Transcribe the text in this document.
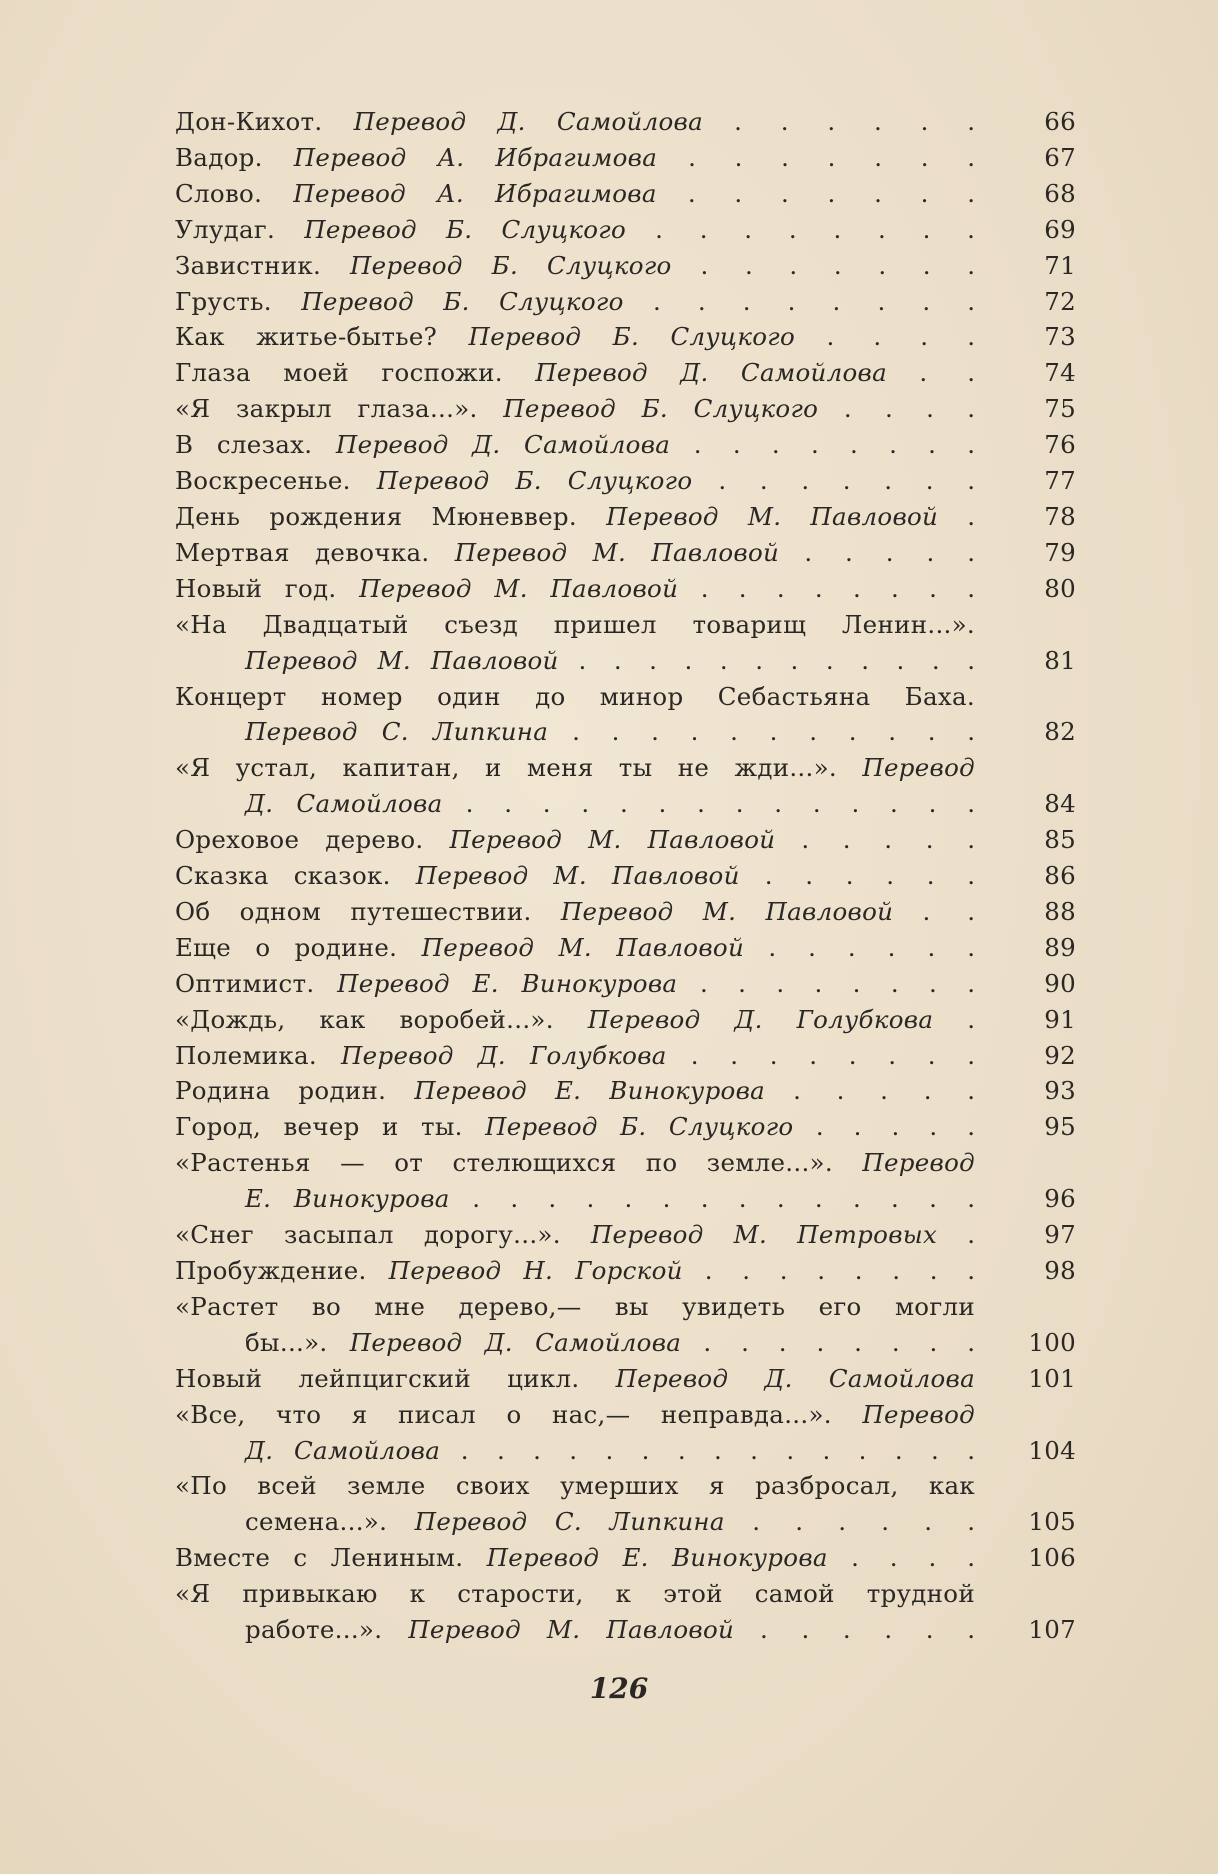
Дон-Кихот. Перевод Д. Самойлова . . . . . .	66
Вадор. Перевод А. Ибрагимова . . . . . . .	67
Слово. Перевод А. Ибрагимова . . . . . . .	68
Улудаг. Перевод Б. Слуцкого . . . . . . . .	69
Завистник. Перевод Б. Слуцкого . . . . . . .	71
Грусть. Перевод Б. Слуцкого . . . . . . . .	72
Как житье-бытье? Перевод Б. Слуцкого . . . .	73
Глаза моей госпожи. Перевод Д. Самойлова . .	74
«Я закрыл глаза...». Перевод Б. Слуцкого . . . .	75
В слезах. Перевод Д. Самойлова . . . . . . . .	76
Воскресенье. Перевод Б. Слуцкого . . . . . . .	77
День рождения Мюневвер. Перевод М. Павловой .	78
Мертвая девочка. Перевод М. Павловой . . . . .	79
Новый год. Перевод М. Павловой . . . . . . . .	80
«На Двадцатый съезд пришел товарищ Ленин...».
Перевод М. Павловой . . . . . . . . . . . .	81
Концерт номер один до минор Себастьяна Баха.
Перевод С. Липкина . . . . . . . . . . .	82
«Я устал, капитан, и меня ты не жди...». Перевод
Д. Самойлова . . . . . . . . . . . . . .	84
Ореховое дерево. Перевод М. Павловой . . . . .	85
Сказка сказок. Перевод М. Павловой . . . . . .	86
Об одном путешествии. Перевод М. Павловой . .	88
Еще о родине. Перевод М. Павловой . . . . . .	89
Оптимист. Перевод Е. Винокурова . . . . . . . .	90
«Дождь, как воробей...». Перевод Д. Голубкова .	91
Полемика. Перевод Д. Голубкова . . . . . . . .	92
Родина родин. Перевод Е. Винокурова . . . . .	93
Город, вечер и ты. Перевод Б. Слуцкого . . . . .	95
«Растенья — от стелющихся по земле...». Перевод
Е. Винокурова . . . . . . . . . . . . . .	96
«Снег засыпал дорогу...». Перевод М. Петровых .	97
Пробуждение. Перевод Н. Горской . . . . . . . .	98
«Растет во мне дерево,— вы увидеть его могли
бы...». Перевод Д. Самойлова . . . . . . . .	100
Новый лейпцигский цикл. Перевод Д. Самойлова	101
«Все, что я писал о нас,— неправда...». Перевод
Д. Самойлова . . . . . . . . . . . . . . .	104
«По всей земле своих умерших я разбросал, как
семена...». Перевод С. Липкина . . . . . .	105
Вместе с Лениным. Перевод Е. Винокурова . . . .	106
«Я привыкаю к старости, к этой самой трудной
работе...». Перевод М. Павловой . . . . . .	107
126
